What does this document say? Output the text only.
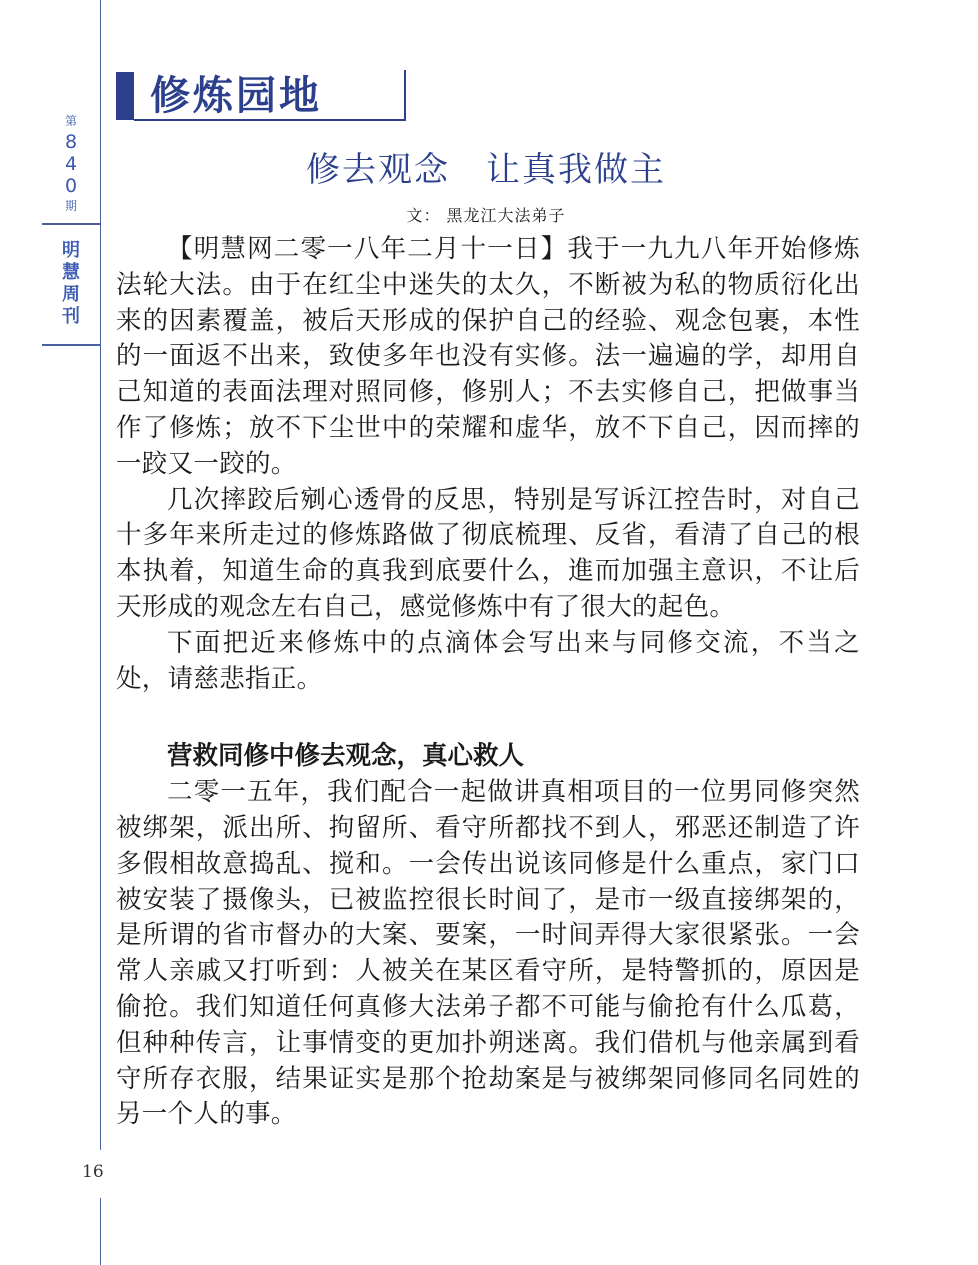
第
8
4
0
期
明
慧
周
刊
16
修炼园地
修去观念　让真我做主
文： 黑龙江大法弟子

【明慧网二零一八年二月十一日】我于一九九八年开始修炼法轮大法。由于在红尘中迷失的太久，不断被为私的物质衍化出来的因素覆盖，被后天形成的保护自己的经验、观念包裹，本性的一面返不出来，致使多年也没有实修。法一遍遍的学，却用自己知道的表面法理对照同修，修别人；不去实修自己，把做事当作了修炼；放不下尘世中的荣耀和虚华，放不下自己，因而摔的一跤又一跤的。

几次摔跤后剜心透骨的反思，特别是写诉江控告时，对自己十多年来所走过的修炼路做了彻底梳理、反省，看清了自己的根本执着，知道生命的真我到底要什么，進而加强主意识，不让后天形成的观念左右自己，感觉修炼中有了很大的起色。

下面把近来修炼中的点滴体会写出来与同修交流，不当之处，请慈悲指正。

营救同修中修去观念，真心救人

二零一五年，我们配合一起做讲真相项目的一位男同修突然被绑架，派出所、拘留所、看守所都找不到人，邪恶还制造了许多假相故意捣乱、搅和。一会传出说该同修是什么重点，家门口被安装了摄像头，已被监控很长时间了，是市一级直接绑架的，是所谓的省市督办的大案、要案，一时间弄得大家很紧张。一会常人亲戚又打听到：人被关在某区看守所，是特警抓的，原因是偷抢。我们知道任何真修大法弟子都不可能与偷抢有什么瓜葛，但种种传言，让事情变的更加扑朔迷离。我们借机与他亲属到看守所存衣服，结果证实是那个抢劫案是与被绑架同修同名同姓的另一个人的事。
